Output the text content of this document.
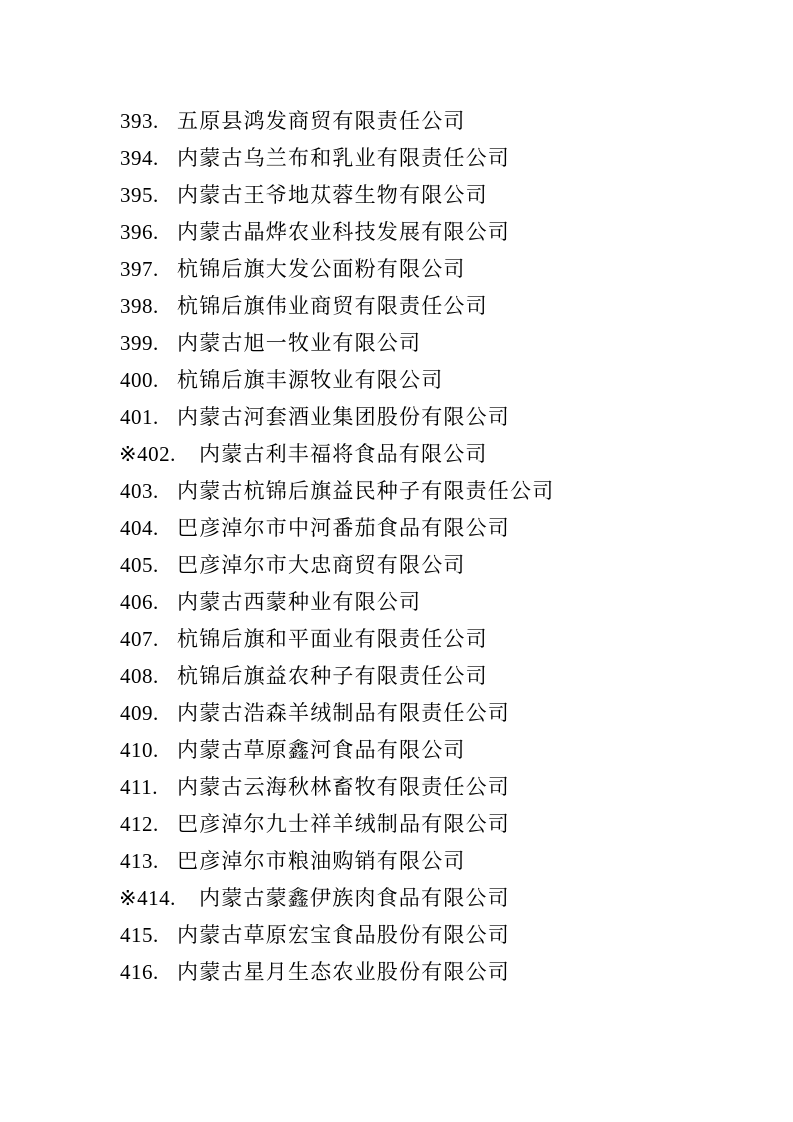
393. 五原县鸿发商贸有限责任公司
394. 内蒙古乌兰布和乳业有限责任公司
395. 内蒙古王爷地苁蓉生物有限公司
396. 内蒙古晶烨农业科技发展有限公司
397. 杭锦后旗大发公面粉有限公司
398. 杭锦后旗伟业商贸有限责任公司
399. 内蒙古旭一牧业有限公司
400. 杭锦后旗丰源牧业有限公司
401. 内蒙古河套酒业集团股份有限公司
※402.	内蒙古利丰福将食品有限公司
403. 内蒙古杭锦后旗益民种子有限责任公司
404. 巴彦淖尔市中河番茄食品有限公司
405. 巴彦淖尔市大忠商贸有限公司
406. 内蒙古西蒙种业有限公司
407. 杭锦后旗和平面业有限责任公司
408. 杭锦后旗益农种子有限责任公司
409. 内蒙古浩森羊绒制品有限责任公司
410. 内蒙古草原鑫河食品有限公司
411. 内蒙古云海秋林畜牧有限责任公司
412. 巴彦淖尔九士祥羊绒制品有限公司
413. 巴彦淖尔市粮油购销有限公司
※414.	内蒙古蒙鑫伊族肉食品有限公司
415. 内蒙古草原宏宝食品股份有限公司
416. 内蒙古星月生态农业股份有限公司
